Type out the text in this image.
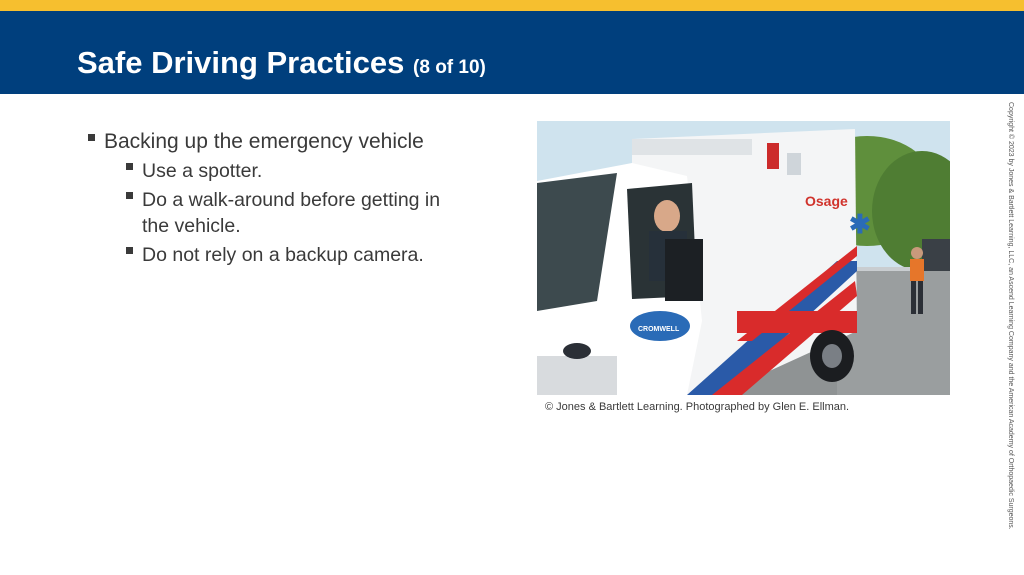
Safe Driving Practices (8 of 10)
Backing up the emergency vehicle
Use a spotter.
Do a walk-around before getting in the vehicle.
Do not rely on a backup camera.
✱
Osage
CROMWELL
© Jones & Bartlett Learning. Photographed by Glen E. Ellman.	Copyright © 2023 by Jones & Bartlett Learning, LLC, an Ascend Learning Company and the American Academy of Orthopaedic Surgeons.
